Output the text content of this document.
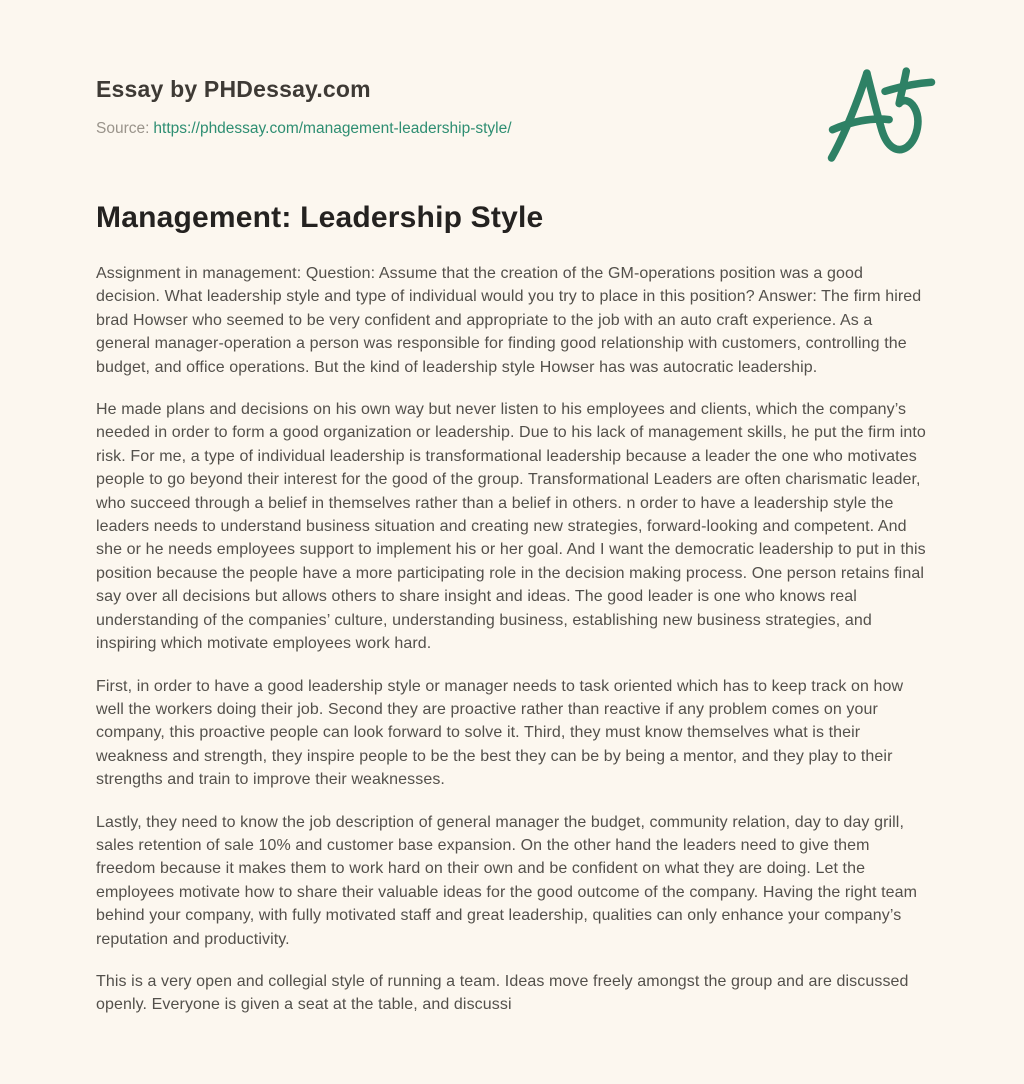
Essay by PHDessay.com
Source: https://phdessay.com/management-leadership-style/
Management: Leadership Style

Assignment in management: Question: Assume that the creation of the GM-operations position was a good decision. What leadership style and type of individual would you try to place in this position? Answer: The firm hired brad Howser who seemed to be very confident and appropriate to the job with an auto craft experience. As a general manager-operation a person was responsible for finding good relationship with customers, controlling the budget, and office operations. But the kind of leadership style Howser has was autocratic leadership.

He made plans and decisions on his own way but never listen to his employees and clients, which the company’s needed in order to form a good organization or leadership. Due to his lack of management skills, he put the firm into risk. For me, a type of individual leadership is transformational leadership because a leader the one who motivates people to go beyond their interest for the good of the group. Transformational Leaders are often charismatic leader, who succeed through a belief in themselves rather than a belief in others. n order to have a leadership style the leaders needs to understand business situation and creating new strategies, forward-looking and competent. And she or he needs employees support to implement his or her goal. And I want the democratic leadership to put in this position because the people have a more participating role in the decision making process. One person retains final say over all decisions but allows others to share insight and ideas. The good leader is one who knows real understanding of the companies’ culture, understanding business, establishing new business strategies, and inspiring which motivate employees work hard.

First, in order to have a good leadership style or manager needs to task oriented which has to keep track on how well the workers doing their job. Second they are proactive rather than reactive if any problem comes on your company, this proactive people can look forward to solve it. Third, they must know themselves what is their weakness and strength, they inspire people to be the best they can be by being a mentor, and they play to their strengths and train to improve their weaknesses.

Lastly, they need to know the job description of general manager the budget, community relation, day to day grill, sales retention of sale 10% and customer base expansion. On the other hand the leaders need to give them freedom because it makes them to work hard on their own and be confident on what they are doing. Let the employees motivate how to share their valuable ideas for the good outcome of the company. Having the right team behind your company, with fully motivated staff and great leadership, qualities can only enhance your company’s reputation and productivity.

This is a very open and collegial style of running a team. Ideas move freely amongst the group and are discussed openly. Everyone is given a seat at the table, and discussi
